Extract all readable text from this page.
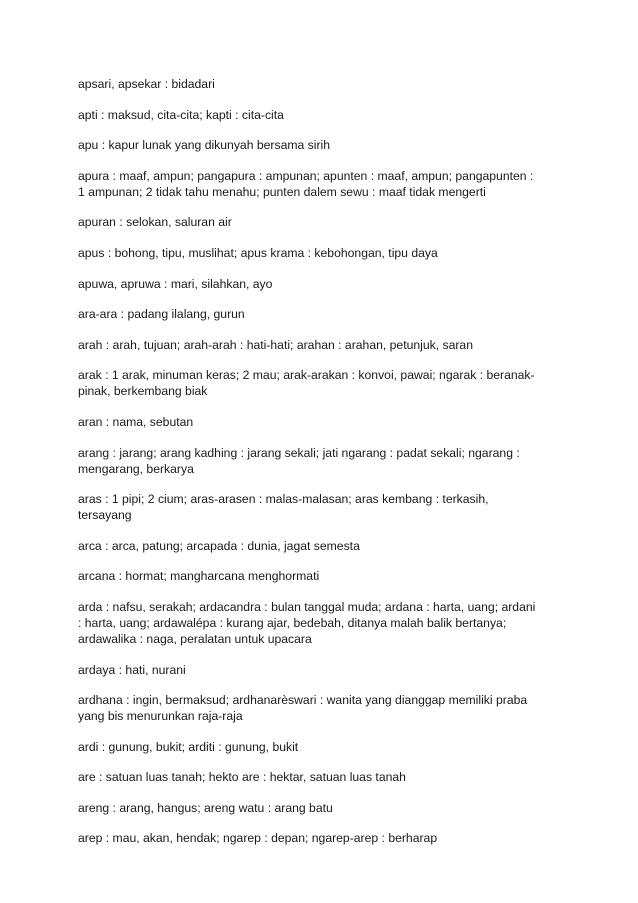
apsari, apsekar : bidadari

apti : maksud, cita-cita; kapti : cita-cita

apu : kapur lunak yang dikunyah bersama sirih

apura : maaf, ampun; pangapura : ampunan; apunten : maaf, ampun; pangapunten :
1 ampunan; 2 tidak tahu menahu; punten dalem sewu : maaf tidak mengerti

apuran : selokan, saluran air

apus : bohong, tipu, muslihat; apus krama : kebohongan, tipu daya

apuwa, apruwa : mari, silahkan, ayo

ara-ara : padang ilalang, gurun

arah : arah, tujuan; arah-arah : hati-hati; arahan : arahan, petunjuk, saran

arak : 1 arak, minuman keras; 2 mau; arak-arakan : konvoi, pawai; ngarak : beranak-
pinak, berkembang biak

aran : nama, sebutan

arang : jarang; arang kadhing : jarang sekali; jati ngarang : padat sekali; ngarang :
mengarang, berkarya

aras : 1 pipi; 2 cium; aras-arasen : malas-malasan; aras kembang : terkasih,
tersayang

arca : arca, patung; arcapada : dunia, jagat semesta

arcana : hormat; mangharcana menghormati

arda : nafsu, serakah; ardacandra : bulan tanggal muda; ardana : harta, uang; ardani
: harta, uang; ardawalépa : kurang ajar, bedebah, ditanya malah balik bertanya;
ardawalika : naga, peralatan untuk upacara

ardaya : hati, nurani

ardhana : ingin, bermaksud; ardhanarèswari : wanita yang dianggap memiliki praba
yang bis menurunkan raja-raja

ardi : gunung, bukit; arditi : gunung, bukit

are : satuan luas tanah; hekto are : hektar, satuan luas tanah

areng : arang, hangus; areng watu : arang batu

arep : mau, akan, hendak; ngarep : depan; ngarep-arep : berharap
